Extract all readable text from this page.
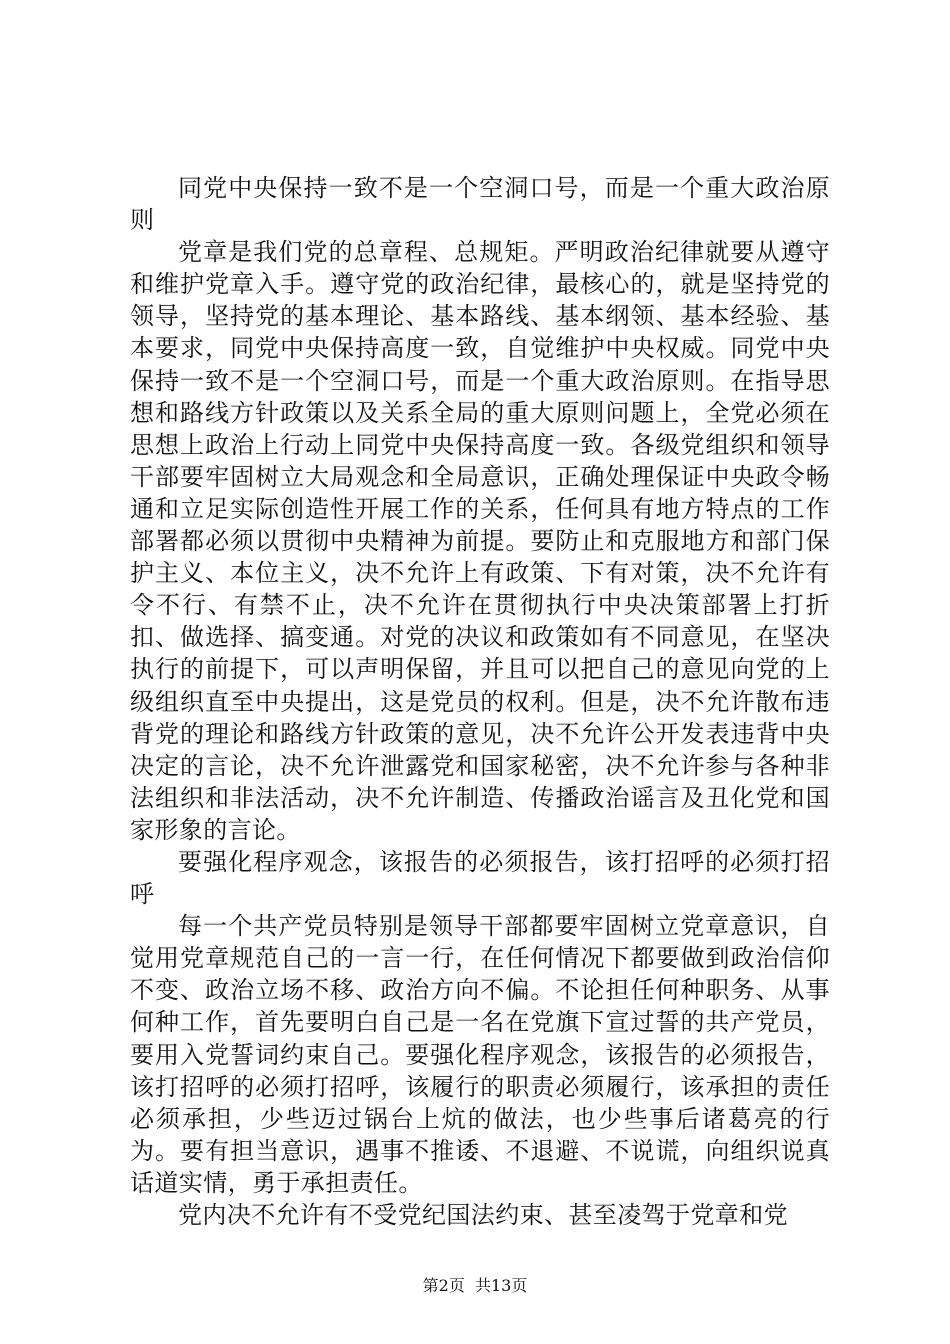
同党中央保持一致不是一个空洞口号，而是一个重大政治原则

党章是我们党的总章程、总规矩。严明政治纪律就要从遵守和维护党章入手。遵守党的政治纪律，最核心的，就是坚持党的领导，坚持党的基本理论、基本路线、基本纲领、基本经验、基本要求，同党中央保持高度一致，自觉维护中央权威。同党中央保持一致不是一个空洞口号，而是一个重大政治原则。在指导思想和路线方针政策以及关系全局的重大原则问题上，全党必须在思想上政治上行动上同党中央保持高度一致。各级党组织和领导干部要牢固树立大局观念和全局意识，正确处理保证中央政令畅通和立足实际创造性开展工作的关系，任何具有地方特点的工作部署都必须以贯彻中央精神为前提。要防止和克服地方和部门保护主义、本位主义，决不允许上有政策、下有对策，决不允许有令不行、有禁不止，决不允许在贯彻执行中央决策部署上打折扣、做选择、搞变通。对党的决议和政策如有不同意见，在坚决执行的前提下，可以声明保留，并且可以把自己的意见向党的上级组织直至中央提出，这是党员的权利。但是，决不允许散布违背党的理论和路线方针政策的意见，决不允许公开发表违背中央决定的言论，决不允许泄露党和国家秘密，决不允许参与各种非法组织和非法活动，决不允许制造、传播政治谣言及丑化党和国家形象的言论。

要强化程序观念，该报告的必须报告，该打招呼的必须打招呼

每一个共产党员特别是领导干部都要牢固树立党章意识，自觉用党章规范自己的一言一行，在任何情况下都要做到政治信仰不变、政治立场不移、政治方向不偏。不论担任何种职务、从事何种工作，首先要明白自己是一名在党旗下宣过誓的共产党员，要用入党誓词约束自己。要强化程序观念，该报告的必须报告，该打招呼的必须打招呼，该履行的职责必须履行，该承担的责任必须承担，少些迈过锅台上炕的做法，也少些事后诸葛亮的行为。要有担当意识，遇事不推诿、不退避、不说谎，向组织说真话道实情，勇于承担责任。

党内决不允许有不受党纪国法约束、甚至凌驾于党章和党

第2页  共13页
